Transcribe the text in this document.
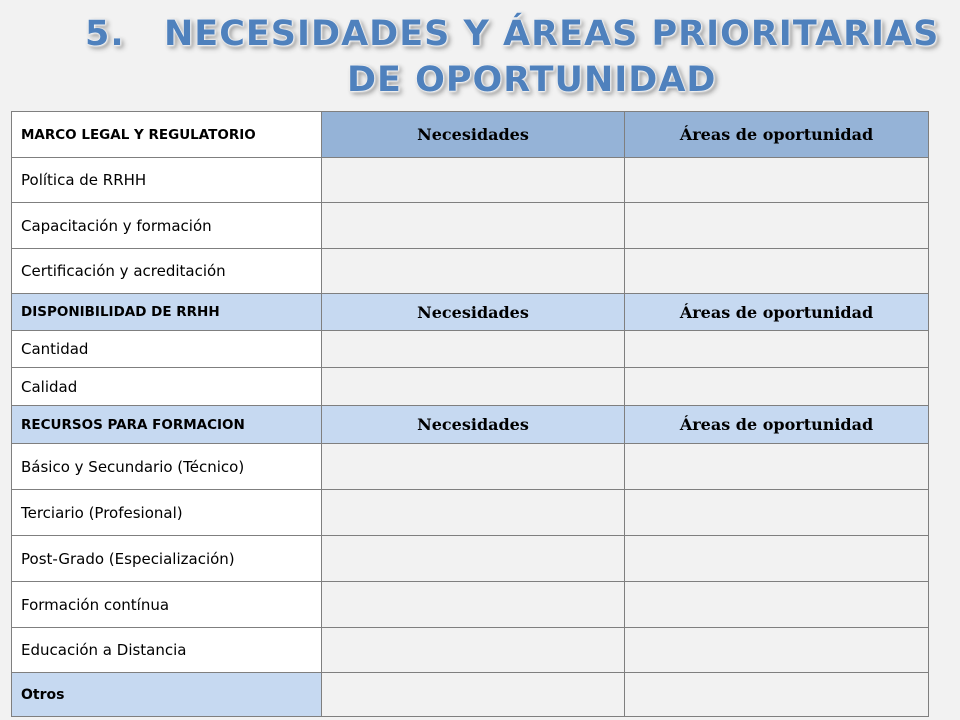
5. NECESIDADES Y ÁREAS PRIORITARIAS
DE OPORTUNIDAD
MARCO LEGAL Y REGULATORIO	Necesidades	Áreas de oportunidad
Política de RRHH		
Capacitación y formación		
Certificación y acreditación		
DISPONIBILIDAD DE RRHH	Necesidades	Áreas de oportunidad
Cantidad		
Calidad		
RECURSOS PARA FORMACION	Necesidades	Áreas de oportunidad
Básico y Secundario (Técnico)		
Terciario (Profesional)		
Post-Grado (Especialización)		
Formación contínua		
Educación a Distancia		
Otros		
